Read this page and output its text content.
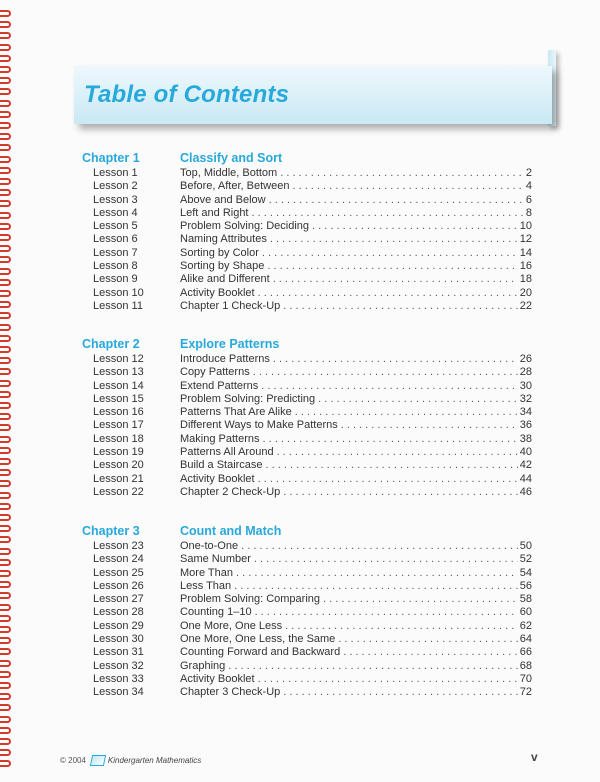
Table of Contents
Chapter 1	Classify and Sort
Lesson 1	Top, Middle, Bottom . . .	2
Lesson 2	Before, After, Between . . .	4
Lesson 3	Above and Below . . .	6
Lesson 4	Left and Right . . .	8
Lesson 5	Problem Solving: Deciding . . .	10
Lesson 6	Naming Attributes . . .	12
Lesson 7	Sorting by Color . . .	14
Lesson 8	Sorting by Shape . . .	16
Lesson 9	Alike and Different . . .	18
Lesson 10	Activity Booklet . . .	20
Lesson 11	Chapter 1 Check-Up . . .	22
Chapter 2	Explore Patterns
Lesson 12	Introduce Patterns . . .	26
Lesson 13	Copy Patterns . . .	28
Lesson 14	Extend Patterns . . .	30
Lesson 15	Problem Solving: Predicting . . .	32
Lesson 16	Patterns That Are Alike . . .	34
Lesson 17	Different Ways to Make Patterns . . .	36
Lesson 18	Making Patterns . . .	38
Lesson 19	Patterns All Around . . .	40
Lesson 20	Build a Staircase . . .	42
Lesson 21	Activity Booklet . . .	44
Lesson 22	Chapter 2 Check-Up . . .	46
Chapter 3	Count and Match
Lesson 23	One-to-One . . .	50
Lesson 24	Same Number . . .	52
Lesson 25	More Than . . .	54
Lesson 26	Less Than . . .	56
Lesson 27	Problem Solving: Comparing . . .	58
Lesson 28	Counting 1–10 . . .	60
Lesson 29	One More, One Less . . .	62
Lesson 30	One More, One Less, the Same . . .	64
Lesson 31	Counting Forward and Backward . . .	66
Lesson 32	Graphing . . .	68
Lesson 33	Activity Booklet . . .	70
Lesson 34	Chapter 3 Check-Up . . .	72
© 2004	Kindergarten Mathematics	v
